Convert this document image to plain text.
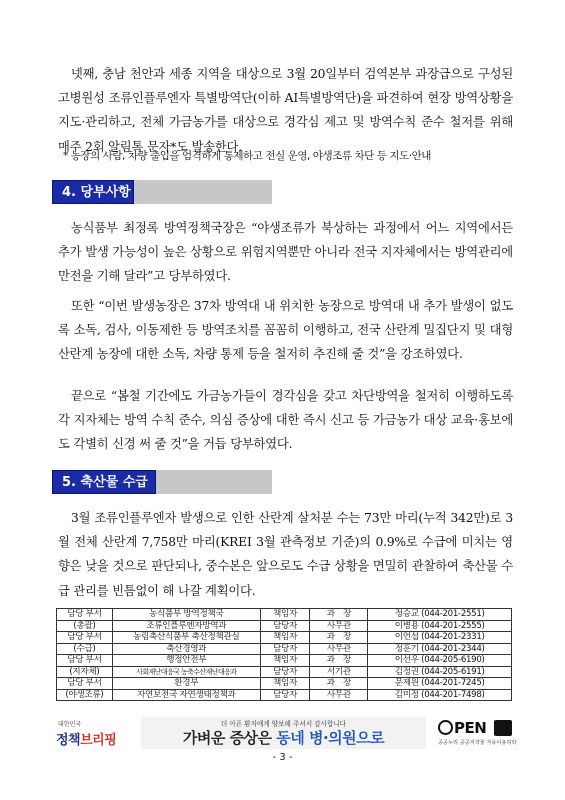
넷째, 충남 천안과 세종 지역을 대상으로 3월 20일부터 검역본부 과장급으로 구성된 고병원성 조류인플루엔자 특별방역단(이하 AI특별방역단)을 파견하여 현장 방역상황을 지도·관리하고, 전체 가금농가를 대상으로 경각심 제고 및 방역수칙 준수 철저를 위해 매주 2회 알림톡 문자*도 발송한다.
* 농장의 사람, 차량 출입을 엄격하게 통제하고 전실 운영, 야생조류 차단 등 지도·안내
4. 당부사항
농식품부 최정록 방역정책국장은 “야생조류가 북상하는 과정에서 어느 지역에서든 추가 발생 가능성이 높은 상황으로 위험지역뿐만 아니라 전국 지자체에서는 방역관리에 만전을 기해 달라”고 당부하였다.
또한 “이번 발생농장은 37차 방역대 내 위치한 농장으로 방역대 내 추가 발생이 없도록 소독, 검사, 이동제한 등 방역조치를 꼼꼼히 이행하고, 전국 산란계 밀집단지 및 대형산란계 농장에 대한 소독, 차량 통제 등을 철저히 추진해 줄 것”을 강조하였다.
끝으로 “봄철 기간에도 가금농가들이 경각심을 갖고 차단방역을 철저히 이행하도록 각 지자체는 방역 수칙 준수, 의심 증상에 대한 즉시 신고 등 가금농가 대상 교육·홍보에도 각별히 신경 써 줄 것”을 거듭 당부하였다.
5. 축산물 수급
3월 조류인플루엔자 발생으로 인한 산란계 살처분 수는 73만 마리(누적 342만)로 3월 전체 산란계 7,758만 마리(KREI 3월 관측정보 기준)의 0.9%로 수급에 미치는 영향은 낮을 것으로 판단되나, 중수본은 앞으로도 수급 상황을 면밀히 관찰하여 축산물 수급 관리를 빈틈없이 해 나갈 계획이다.
담당 부서	농식품부 방역정책국	책임자	과　장	정승교 (044-201-2551)
(총괄)	조류인플루엔자방역과	담당자	사무관	이병용 (044-201-2555)
담당 부서	농림축산식품부 축산정책관실	책임자	과　장	이언섭 (044-201-2331)
(수급)	축산경영과	담당자	사무관	정훈기 (044-201-2344)
담당 부서	행정안전부	책임자	과　장	이선우 (044-205-6190)
(지자체)	사회재난대응국 농축수산재난대응과	담당자	서기관	김정권 (044-205-6191)
담당 부서	환경부	책임자	과　장	문제원 (044-201-7245)
(야생조류)	자연보전국 자연생태정책과	담당자	사무관	김미정 (044-201-7498)
대한민국
정책브리핑
더 아픈 환자에게 양보해 주셔서 감사합니다
가벼운 증상은 동네 병·의원으로
PEN
공공누리 공공저작물 자유이용허락
- 3 -
